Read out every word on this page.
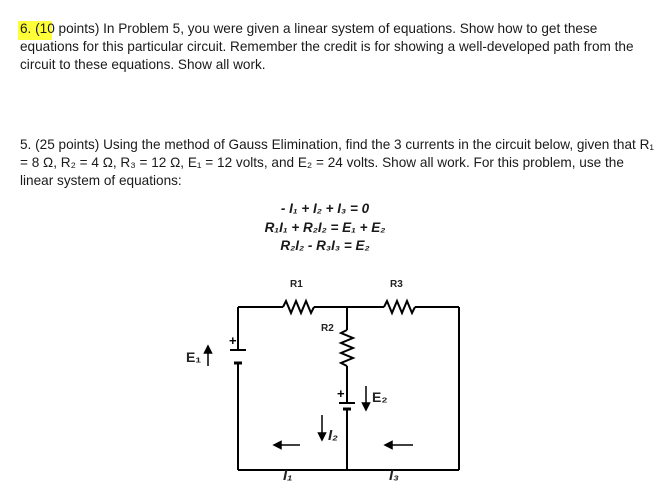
6. (10 points) In Problem 5, you were given a linear system of equations. Show how to get these equations for this particular circuit. Remember the credit is for showing a well-developed path from the circuit to these equations. Show all work.
5. (25 points) Using the method of Gauss Elimination, find the 3 currents in the circuit below, given that R₁ = 8 Ω, R₂ = 4 Ω, R₃ = 12 Ω, E₁ = 12 volts, and E₂ = 24 volts. Show all work. For this problem, use the linear system of equations:
- I₁ + I₂ + I₃ = 0
R₁I₁ + R₂I₂ = E₁ + E₂
R₂I₂ - R₃I₃ = E₂
R1	R3
R2
E₁
E₂
I₁
I₂
I₃
+
+
